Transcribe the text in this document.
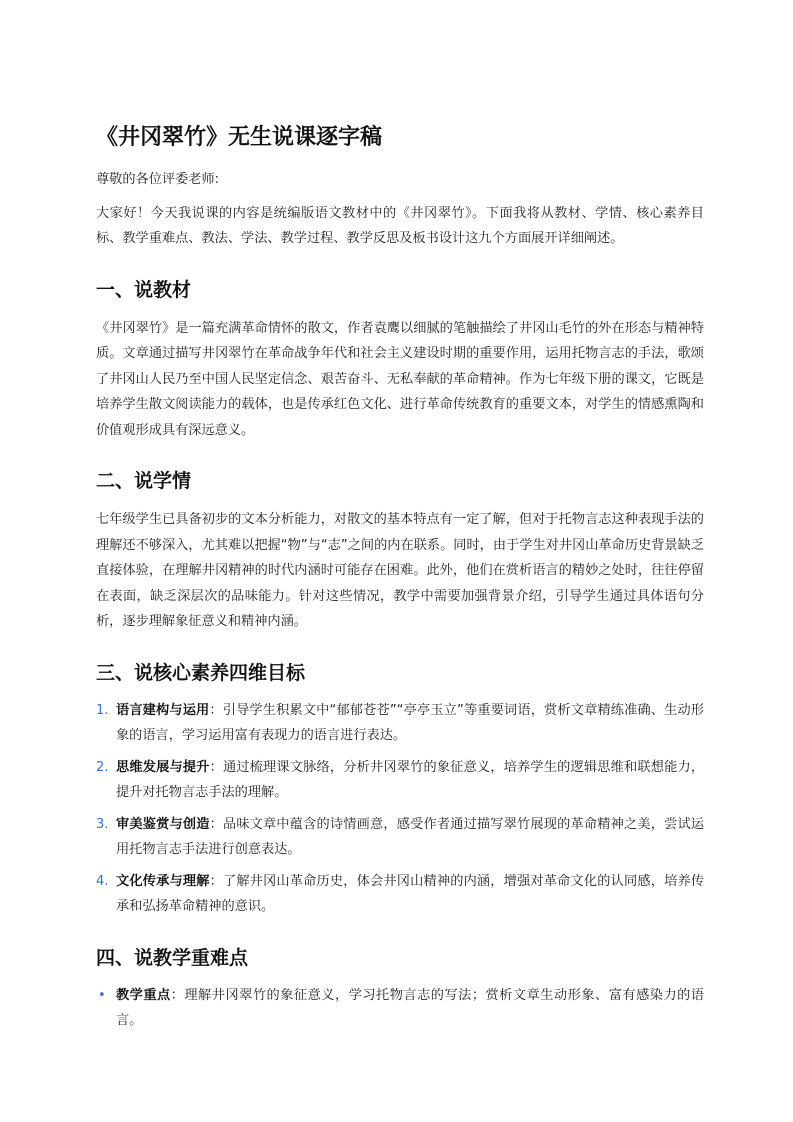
《井冈翠竹》无生说课逐字稿

尊敬的各位评委老师:

大家好！今天我说课的内容是统编版语文教材中的《井冈翠竹》。下面我将从教材、学情、核心素养目标、教学重难点、教法、学法、教学过程、教学反思及板书设计这九个方面展开详细阐述。

一、说教材

《井冈翠竹》是一篇充满革命情怀的散文，作者袁鹰以细腻的笔触描绘了井冈山毛竹的外在形态与精神特质。文章通过描写井冈翠竹在革命战争年代和社会主义建设时期的重要作用，运用托物言志的手法，歌颂了井冈山人民乃至中国人民坚定信念、艰苦奋斗、无私奉献的革命精神。作为七年级下册的课文，它既是培养学生散文阅读能力的载体，也是传承红色文化、进行革命传统教育的重要文本，对学生的情感熏陶和价值观形成具有深远意义。

二、说学情

七年级学生已具备初步的文本分析能力，对散文的基本特点有一定了解，但对于托物言志这种表现手法的理解还不够深入，尤其难以把握“物”与“志”之间的内在联系。同时，由于学生对井冈山革命历史背景缺乏直接体验，在理解井冈精神的时代内涵时可能存在困难。此外，他们在赏析语言的精妙之处时，往往停留在表面，缺乏深层次的品味能力。针对这些情况，教学中需要加强背景介绍，引导学生通过具体语句分析，逐步理解象征意义和精神内涵。

三、说核心素养四维目标
1. 语言建构与运用：引导学生积累文中“郁郁苍苍”“亭亭玉立”等重要词语，赏析文章精练准确、生动形象的语言，学习运用富有表现力的语言进行表达。
2. 思维发展与提升：通过梳理课文脉络，分析井冈翠竹的象征意义，培养学生的逻辑思维和联想能力，提升对托物言志手法的理解。
3. 审美鉴赏与创造：品味文章中蕴含的诗情画意，感受作者通过描写翠竹展现的革命精神之美，尝试运用托物言志手法进行创意表达。
4. 文化传承与理解：了解井冈山革命历史，体会井冈山精神的内涵，增强对革命文化的认同感，培养传承和弘扬革命精神的意识。
四、说教学重难点
• 教学重点：理解井冈翠竹的象征意义，学习托物言志的写法；赏析文章生动形象、富有感染力的语言。
